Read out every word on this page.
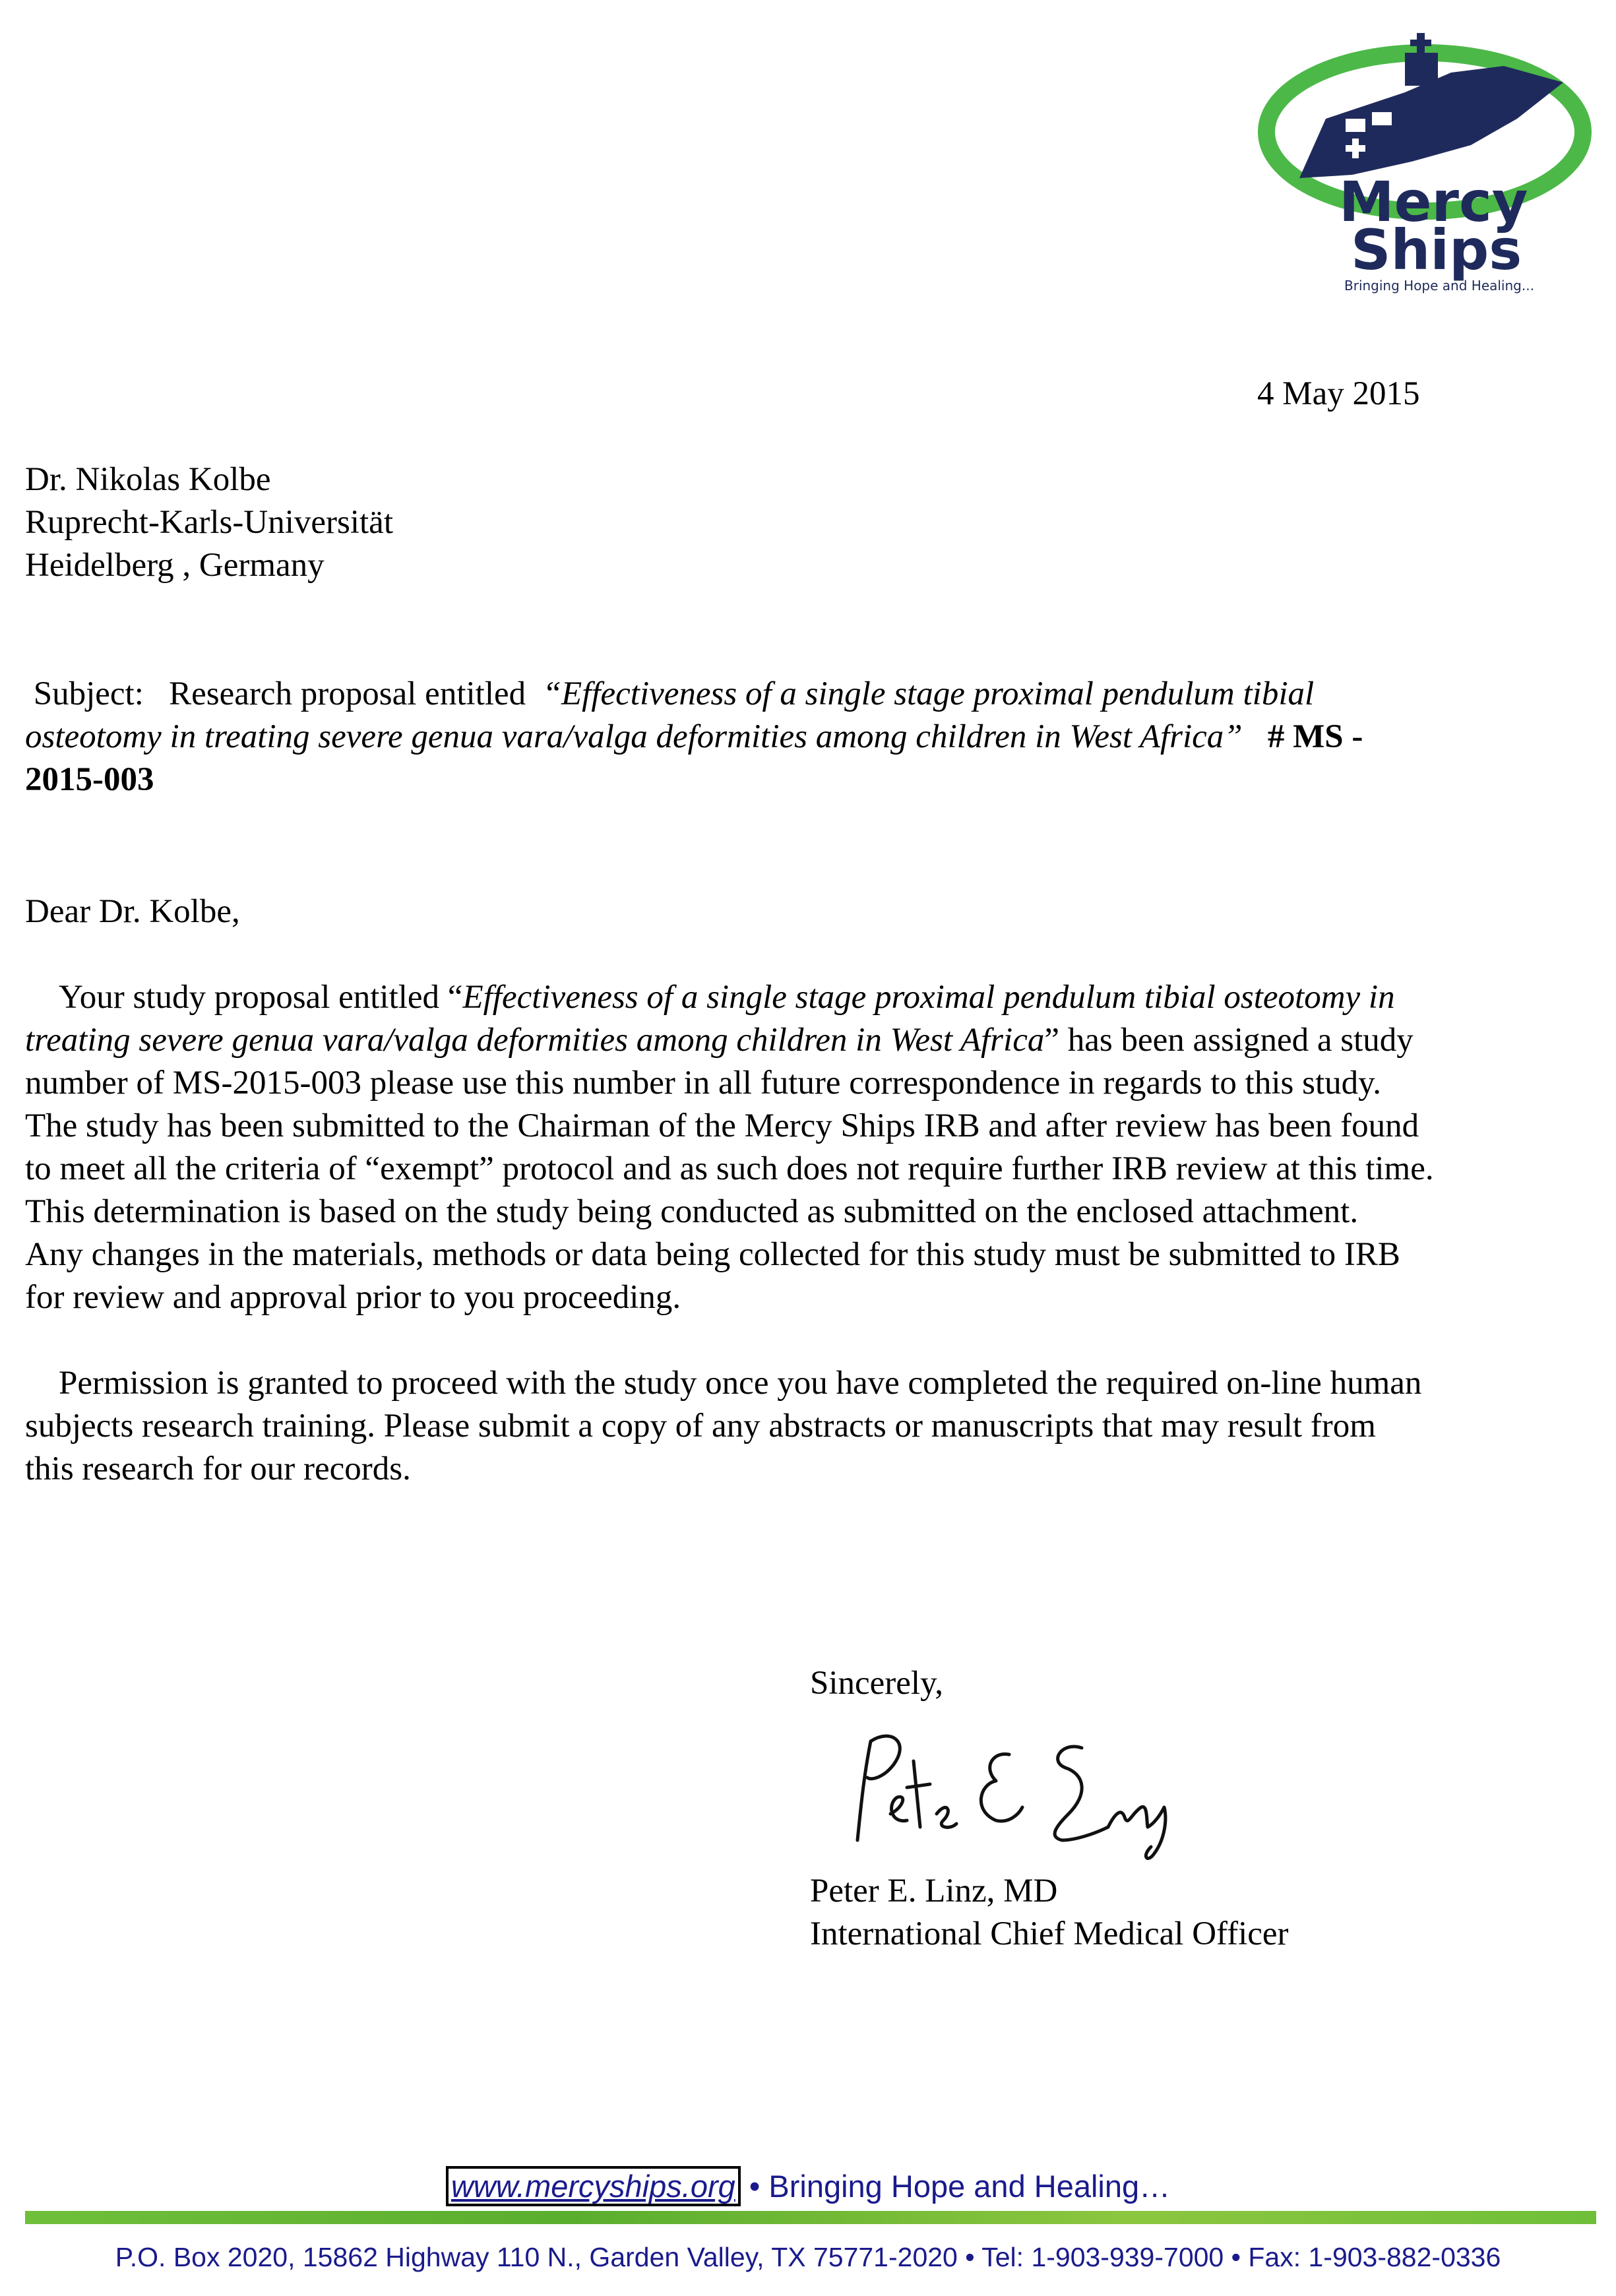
Mercy
Ships
Bringing Hope and Healing...
4 May 2015
Dr. Nikolas Kolbe
Ruprecht-Karls-Universität
Heidelberg , Germany
Subject: Research proposal entitled “Effectiveness of a single stage proximal pendulum tibial
osteotomy in treating severe genua vara/valga deformities among children in West Africa” # MS -
2015-003
Dear Dr. Kolbe,
Your study proposal entitled “Effectiveness of a single stage proximal pendulum tibial osteotomy in
treating severe genua vara/valga deformities among children in West Africa” has been assigned a study
number of MS-2015-003 please use this number in all future correspondence in regards to this study.
The study has been submitted to the Chairman of the Mercy Ships IRB and after review has been found
to meet all the criteria of “exempt” protocol and as such does not require further IRB review at this time.
This determination is based on the study being conducted as submitted on the enclosed attachment.
Any changes in the materials, methods or data being collected for this study must be submitted to IRB
for review and approval prior to you proceeding.
Permission is granted to proceed with the study once you have completed the required on-line human
subjects research training. Please submit a copy of any abstracts or manuscripts that may result from
this research for our records.
Sincerely,
Peter E. Linz, MD
International Chief Medical Officer
www.mercyships.org • Bringing Hope and Healing…
P.O. Box 2020, 15862 Highway 110 N., Garden Valley, TX 75771-2020 • Tel: 1-903-939-7000 • Fax: 1-903-882-0336
